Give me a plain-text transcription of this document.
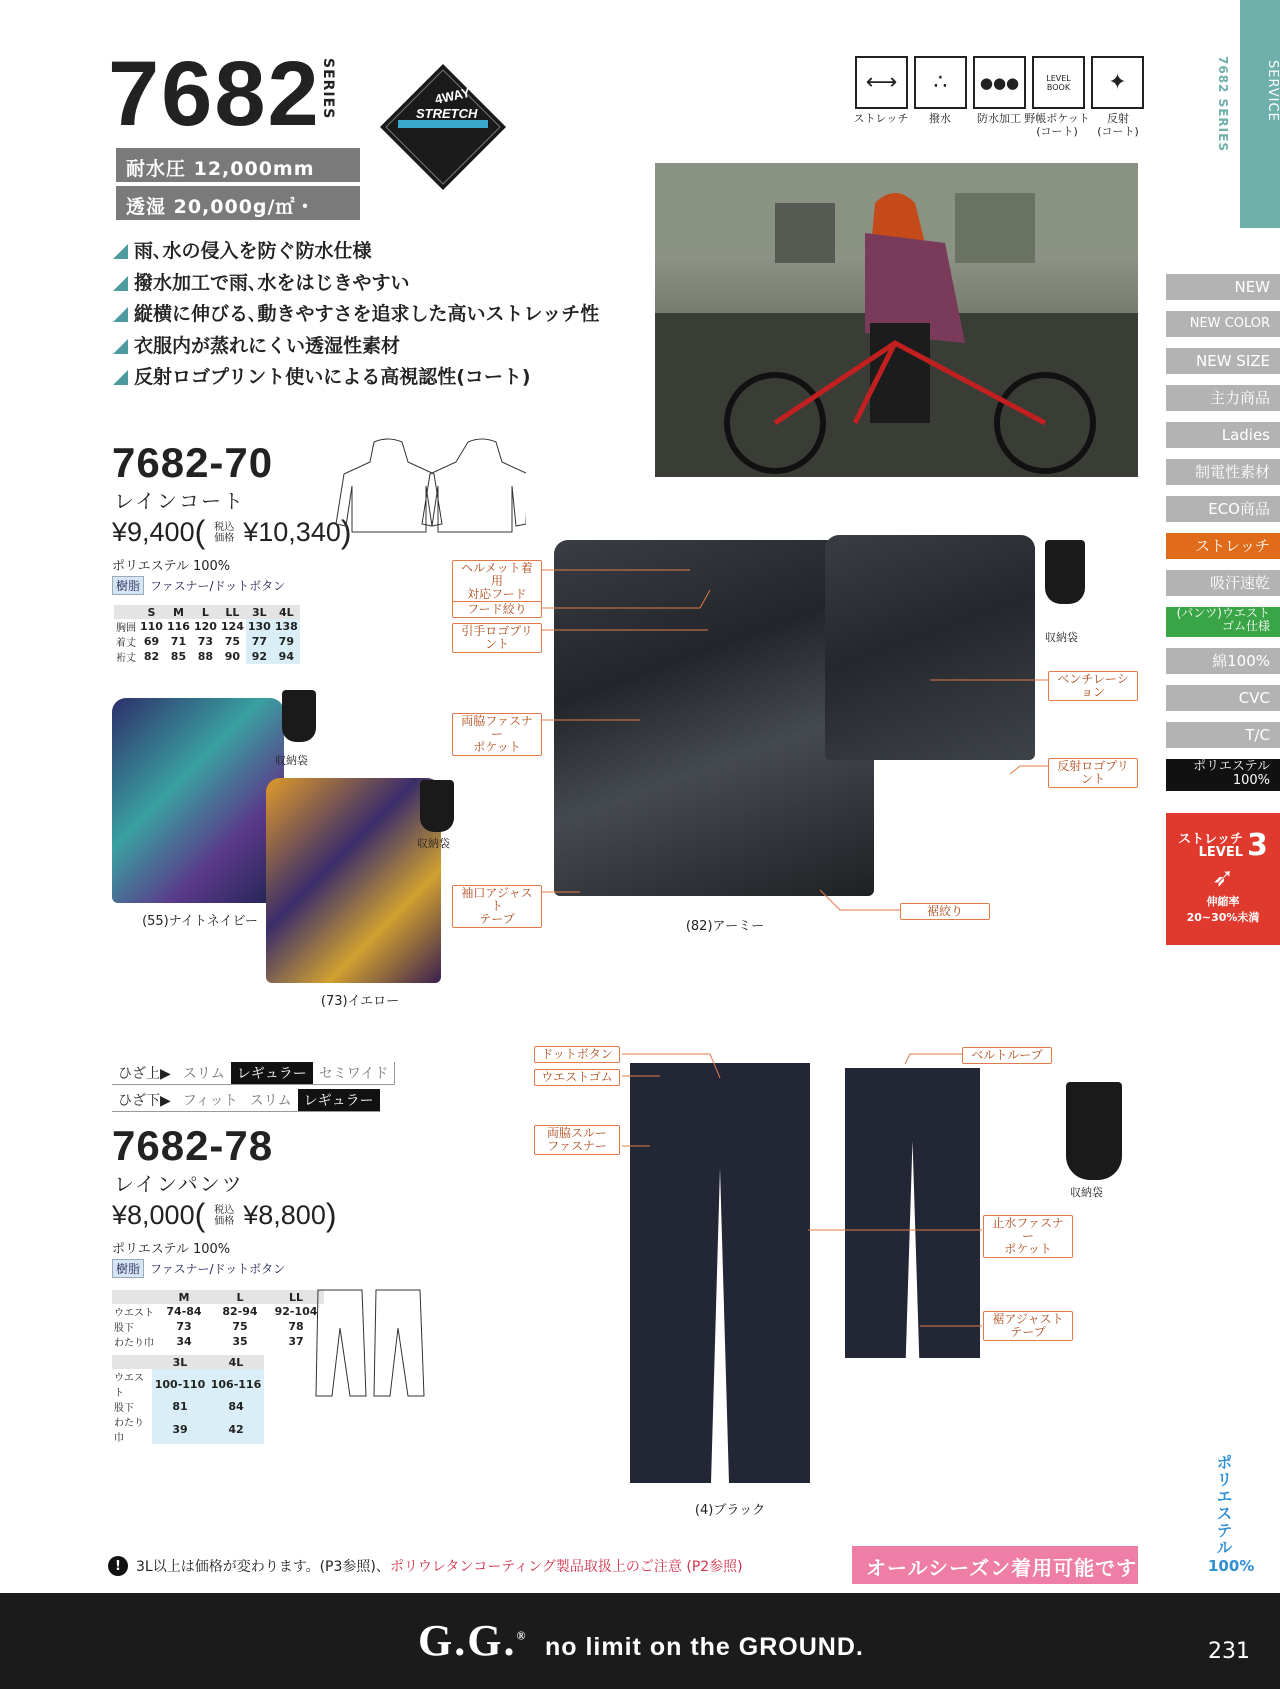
7682 SERIES	4WAY
STRETCH
耐水圧 12,000mm
透湿 20,000g/㎡・24h
雨､水の侵入を防ぐ防水仕様
撥水加工で雨､水をはじきやすい
縦横に伸びる､動きやすさを追求した高いストレッチ性
衣服内が蒸れにくい透湿性素材
反射ロゴプリント使いによる高視認性(コート)
⟷	∴	●●●	LEVEL
BOOK	✦
ストレッチ	撥水	防水加工 野帳ポケット
(コート)
反射
(コート)
SERVICE
7682 SERIES
NEW
NEW COLOR
NEW SIZE
主力商品
Ladies
制電性素材
ECO商品
ストレッチ
吸汗速乾
(パンツ)ウエストゴム仕様
綿100%
CVC
T/C
ポリエステル100%
ストレッチ
LEVEL 3
➶
伸縮率
20~30%未満
ポリエステル
100%
7682-70
レインコート
¥9,400 ( 税込価格 ¥10,340 )
ポリエステル 100%
樹脂 ファスナー/ドットボタン
	S	M	L	LL	3L	4L
胸囲	110	116	120	124	130	138
着丈	69	71	73	75	77	79
裄丈	82	85	88	90	92	94
(55)ナイトネイビー
(73)イエロー
収納袋
収納袋
収納袋
(82)アーミー
ヘルメット着用
対応フード
フード絞り
引手ロゴプリント
両脇ファスナー
ポケット
袖口アジャスト
テープ
ベンチレーション
反射ロゴプリント
裾絞り
ひざ上▶ スリム レギュラー セミワイド
ひざ下▶ フィット スリム レギュラー
7682-78
レインパンツ
¥8,000 ( 税込価格 ¥8,800 )
ポリエステル 100%
樹脂 ファスナー/ドットボタン
	M	L	LL
ウエスト	74-84	82-94	92-104
股下	73	75	78
わたり巾	34	35	37
	3L	4L
ウエスト	100-110	106-116
股下	81	84
わたり巾	39	42
収納袋
(4)ブラック
ドットボタン
ウエストゴム
両脇スルー
ファスナー
ベルトループ
止水ファスナー
ポケット
裾アジャスト
テープ
!	3L以上は価格が変わります。(P3参照)、 ポリウレタンコーティング製品取扱上のご注意 (P2参照)	オールシーズン着用可能です
G.G.® no limit on the GROUND.	231
